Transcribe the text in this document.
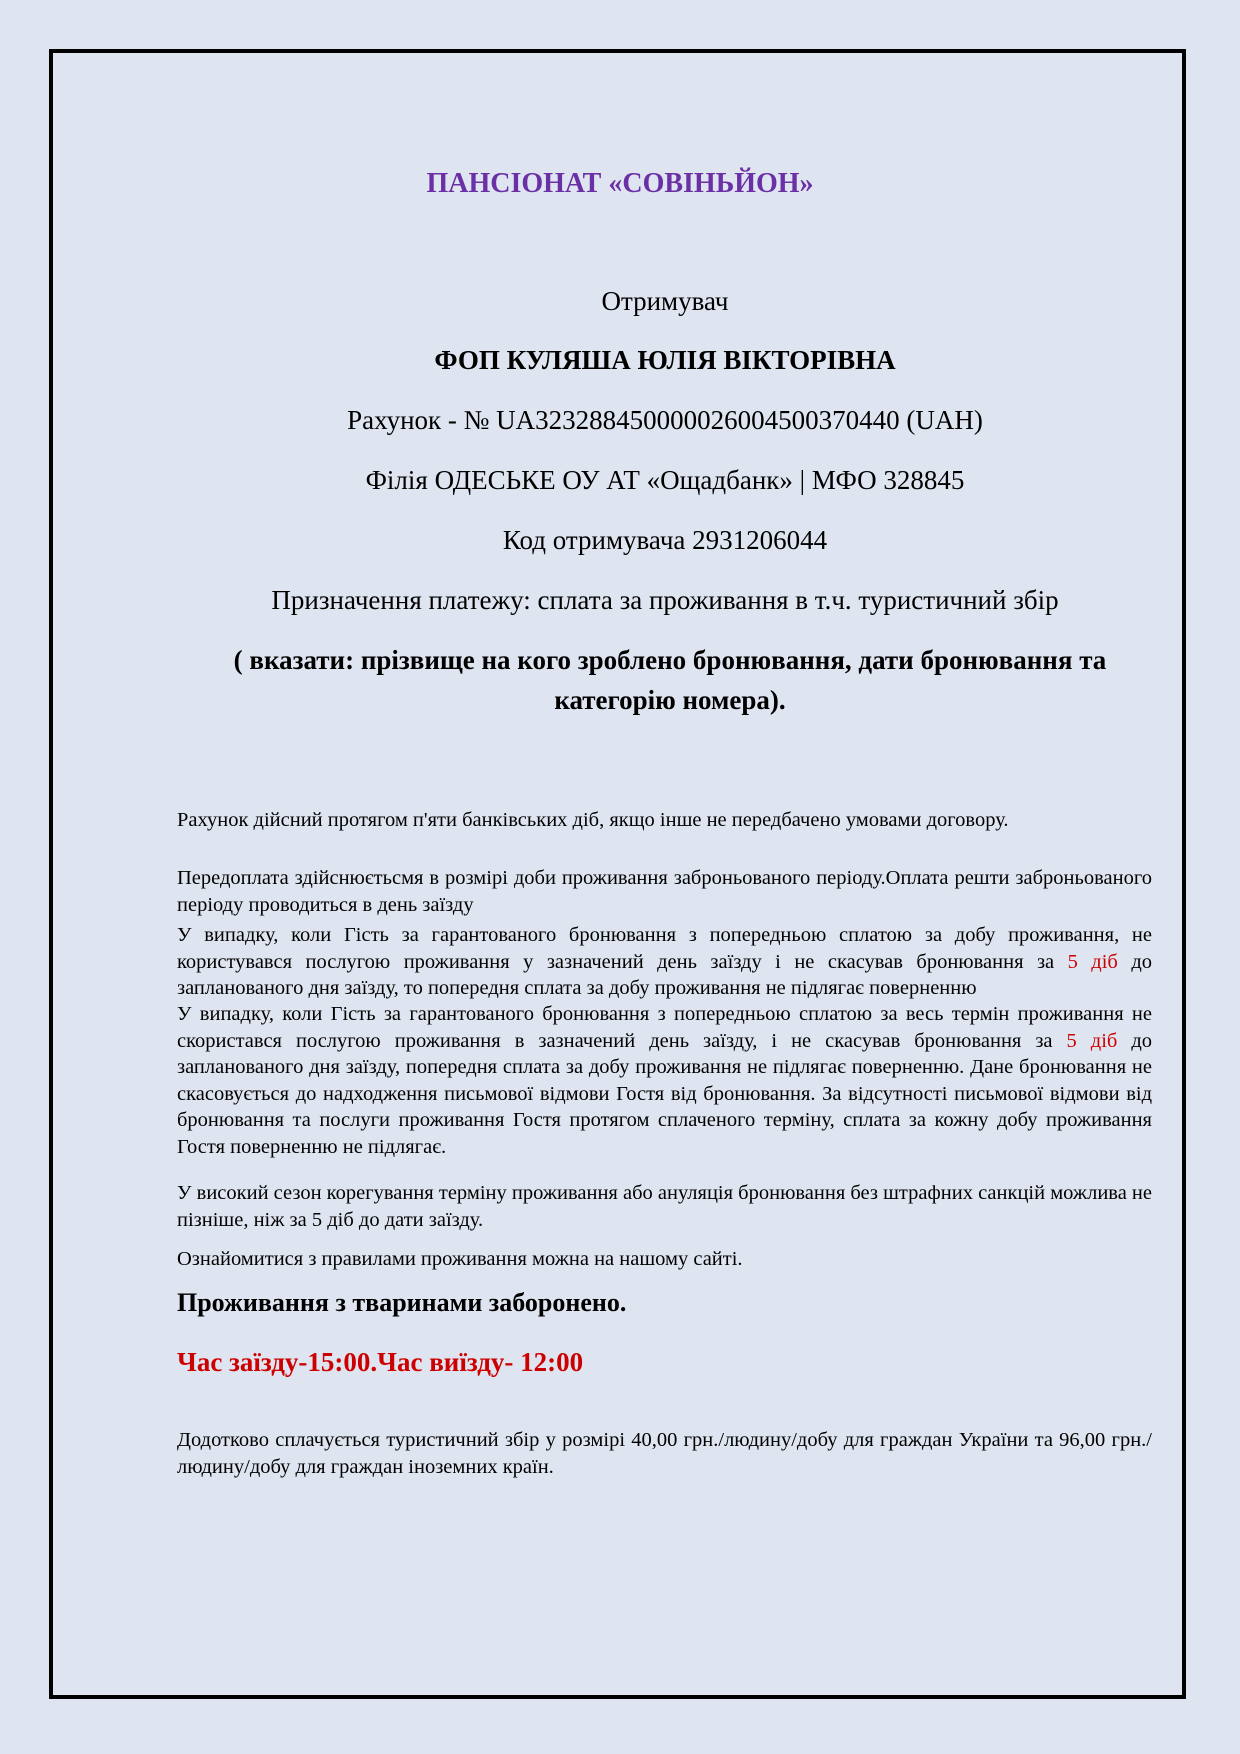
ПАНСІОНАТ «СОВІНЬЙОН»

Отримувач

ФОП КУЛЯША ЮЛІЯ ВІКТОРІВНА

Рахунок - № UA323288450000026004500370440 (UAH)

Філія ОДЕСЬКЕ ОУ АТ «Ощадбанк» | МФО 328845

Код отримувача 2931206044

Призначення платежу: сплата за проживання в т.ч. туристичний збір

( вказати: прізвище на кого зроблено бронювання, дати бронювання та категорію номера).

Рахунок дійсний протягом п'яти банківських діб, якщо інше не передбачено умовами договору.

Передоплата здійснюєтьсмя в розмірі доби проживання заброньованого періоду.Оплата решти заброньованого періоду проводиться в день заїзду

У випадку, коли Гість за гарантованого бронювання з попередньою сплатою за добу проживання, не користувався послугою проживання у зазначений день заїзду і не скасував бронювання за 5 діб до запланованого дня заїзду, то попередня сплата за добу проживання не підлягає поверненню

У випадку, коли Гість за гарантованого бронювання з попередньою сплатою за весь термін проживання не скористався послугою проживання в зазначений день заїзду, і не скасував бронювання за 5 діб до запланованого дня заїзду, попередня сплата за добу проживання не підлягає поверненню. Дане бронювання не скасовується до надходження письмової відмови Гостя від бронювання. За відсутності письмової відмови від бронювання та послуги проживання Гостя протягом сплаченого терміну, сплата за кожну добу проживання Гостя поверненню не підлягає.

У високий сезон корегування терміну проживання або ануляція бронювання без штрафних санкцій можлива не пізніше, ніж за 5 діб до дати заїзду.

Ознайомитися з правилами проживання можна на нашому сайті.

Проживання з тваринами заборонено.

Час заїзду-15:00.Час виїзду- 12:00

Додотково сплачується туристичний збір у розмірі 40,00 грн./людину/добу для граждан України та 96,00 грн./людину/добу для граждан іноземних країн.
